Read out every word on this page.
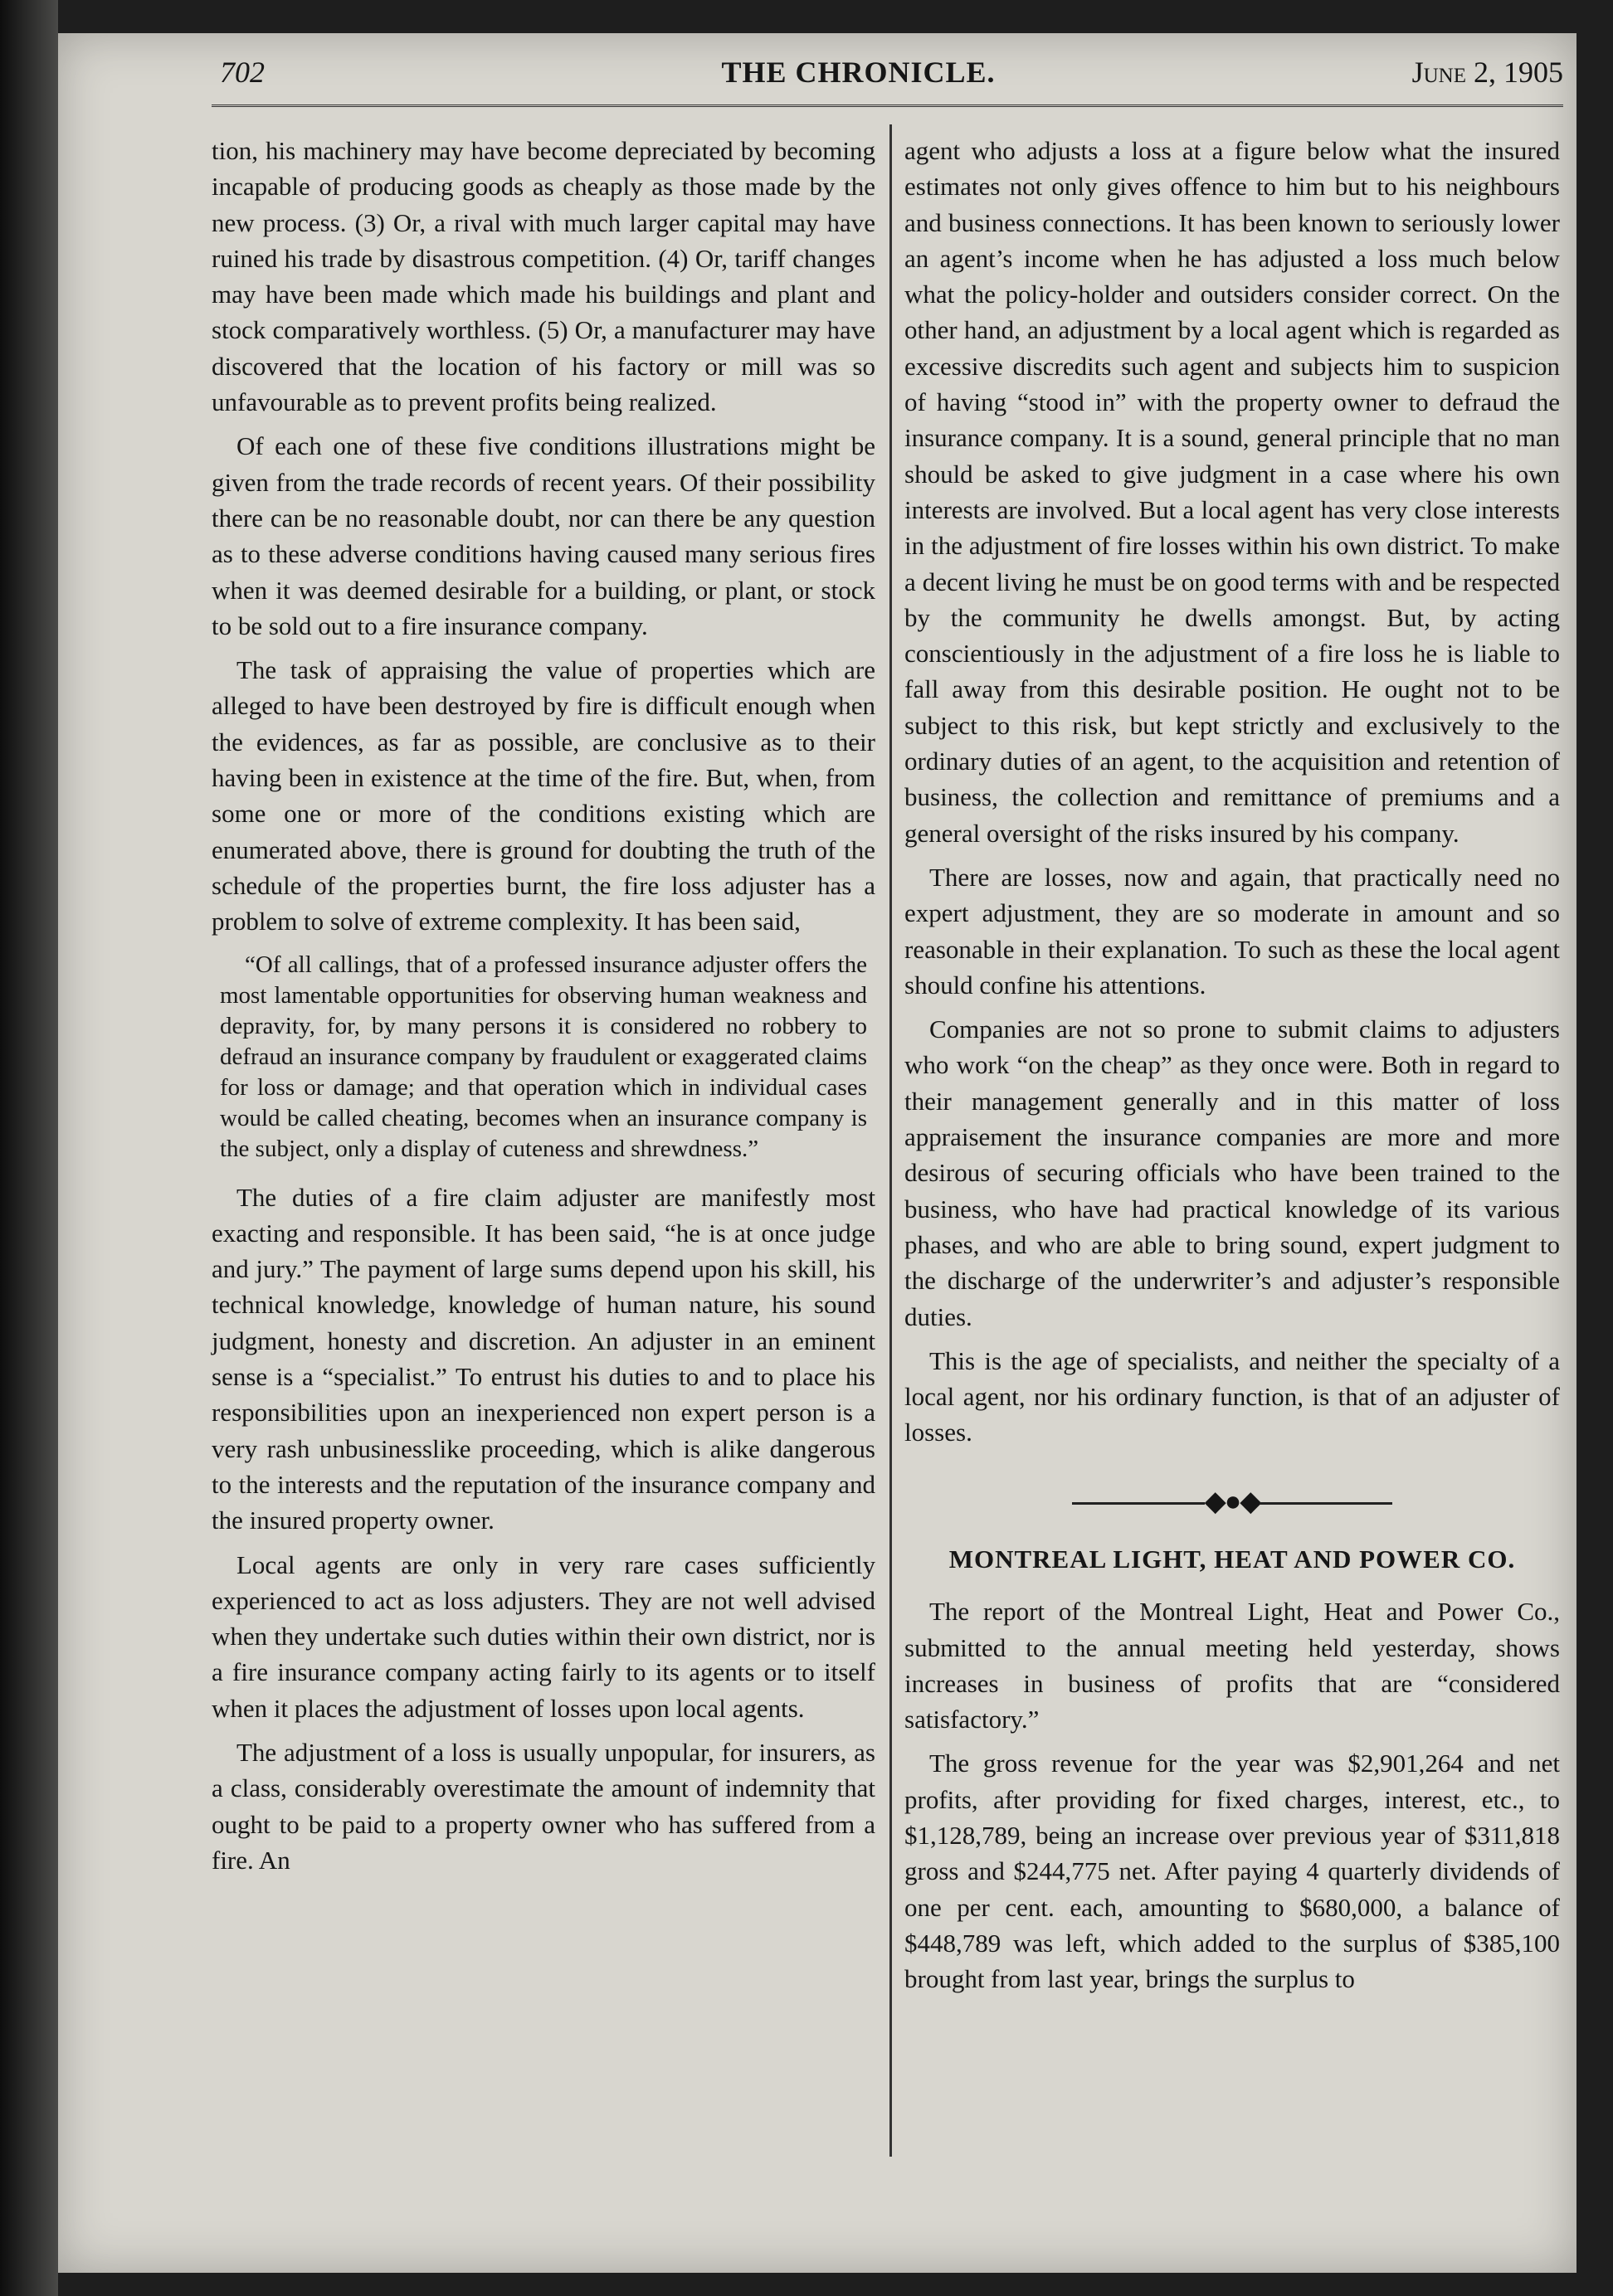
702	THE CHRONICLE.	June 2, 1905

tion, his machinery may have become depreciated by becoming incapable of producing goods as cheaply as those made by the new process. (3) Or, a rival with much larger capital may have ruined his trade by disastrous competition. (4) Or, tariff changes may have been made which made his buildings and plant and stock comparatively worthless. (5) Or, a manufacturer may have discovered that the location of his factory or mill was so unfavourable as to prevent profits being realized.

Of each one of these five conditions illustrations might be given from the trade records of recent years. Of their possibility there can be no reasonable doubt, nor can there be any question as to these adverse conditions having caused many serious fires when it was deemed desirable for a building, or plant, or stock to be sold out to a fire insurance company.

The task of appraising the value of properties which are alleged to have been destroyed by fire is difficult enough when the evidences, as far as possible, are conclusive as to their having been in existence at the time of the fire. But, when, from some one or more of the conditions existing which are enumerated above, there is ground for doubting the truth of the schedule of the properties burnt, the fire loss adjuster has a problem to solve of extreme complexity. It has been said,

“Of all callings, that of a professed insurance adjuster offers the most lamentable opportunities for observing human weakness and depravity, for, by many persons it is considered no robbery to defraud an insurance company by fraudulent or exaggerated claims for loss or damage; and that operation which in individual cases would be called cheating, becomes when an insurance company is the subject, only a display of cuteness and shrewdness.”

The duties of a fire claim adjuster are manifestly most exacting and responsible. It has been said, “he is at once judge and jury.” The payment of large sums depend upon his skill, his technical knowledge, knowledge of human nature, his sound judgment, honesty and discretion. An adjuster in an eminent sense is a “specialist.” To entrust his duties to and to place his responsibilities upon an inexperienced non expert person is a very rash unbusinesslike proceeding, which is alike dangerous to the interests and the reputation of the insurance company and the insured property owner.

Local agents are only in very rare cases sufficiently experienced to act as loss adjusters. They are not well advised when they undertake such duties within their own district, nor is a fire insurance company acting fairly to its agents or to itself when it places the adjustment of losses upon local agents.

The adjustment of a loss is usually unpopular, for insurers, as a class, considerably overestimate the amount of indemnity that ought to be paid to a property owner who has suffered from a fire. An

agent who adjusts a loss at a figure below what the insured estimates not only gives offence to him but to his neighbours and business connections. It has been known to seriously lower an agent’s income when he has adjusted a loss much below what the policy-holder and outsiders consider correct. On the other hand, an adjustment by a local agent which is regarded as excessive discredits such agent and subjects him to suspicion of having “stood in” with the property owner to defraud the insurance company. It is a sound, general principle that no man should be asked to give judgment in a case where his own interests are involved. But a local agent has very close interests in the adjustment of fire losses within his own district. To make a decent living he must be on good terms with and be respected by the community he dwells amongst. But, by acting conscientiously in the adjustment of a fire loss he is liable to fall away from this desirable position. He ought not to be subject to this risk, but kept strictly and exclusively to the ordinary duties of an agent, to the acquisition and retention of business, the collection and remittance of premiums and a general oversight of the risks insured by his company.

There are losses, now and again, that practically need no expert adjustment, they are so moderate in amount and so reasonable in their explanation. To such as these the local agent should confine his attentions.

Companies are not so prone to submit claims to adjusters who work “on the cheap” as they once were. Both in regard to their management generally and in this matter of loss appraisement the insurance companies are more and more desirous of securing officials who have been trained to the business, who have had practical knowledge of its various phases, and who are able to bring sound, expert judgment to the discharge of the underwriter’s and adjuster’s responsible duties.

This is the age of specialists, and neither the specialty of a local agent, nor his ordinary function, is that of an adjuster of losses.

◆●◆
MONTREAL LIGHT, HEAT AND POWER CO.

The report of the Montreal Light, Heat and Power Co., submitted to the annual meeting held yesterday, shows increases in business of profits that are “considered satisfactory.”

The gross revenue for the year was $2,901,264 and net profits, after providing for fixed charges, interest, etc., to $1,128,789, being an increase over previous year of $311,818 gross and $244,775 net. After paying 4 quarterly dividends of one per cent. each, amounting to $680,000, a balance of $448,789 was left, which added to the surplus of $385,100 brought from last year, brings the surplus to
